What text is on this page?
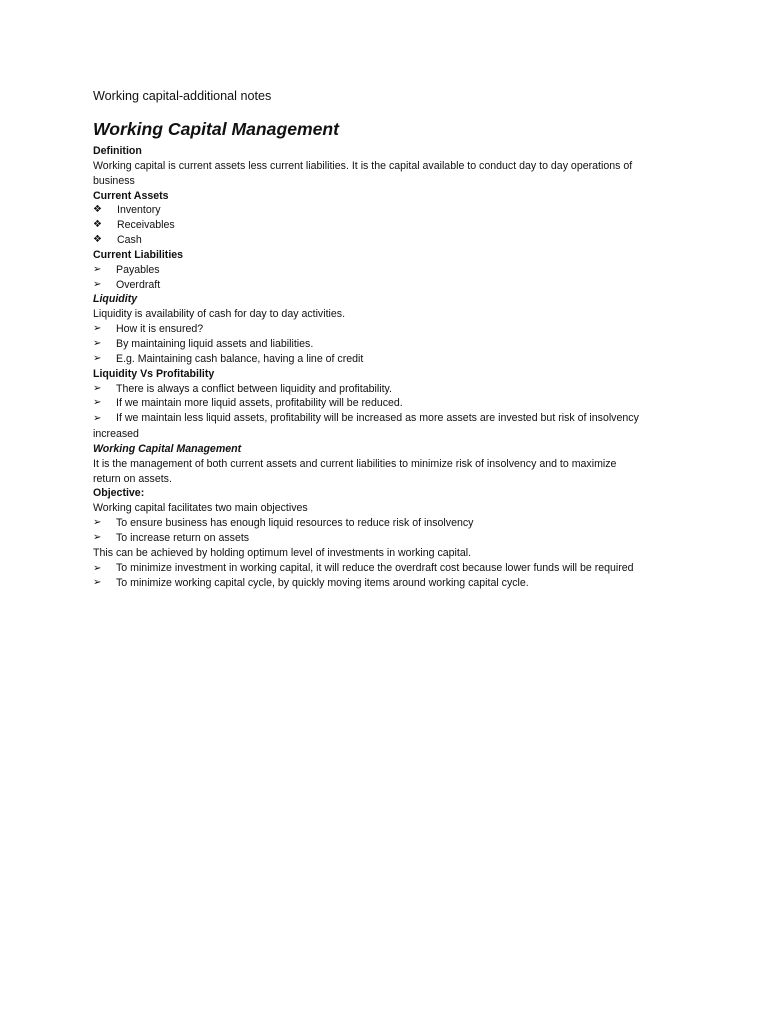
Working capital-additional notes

Working Capital Management

Definition

Working capital is current assets less current liabilities. It is the capital available to conduct day to day operations of

business

Current Assets

❖	Inventory
❖	Receivables
❖	Cash

Current Liabilities

➢	Payables
➢	Overdraft

Liquidity

Liquidity is availability of cash for day to day activities.

➢	How it is ensured?
➢	By maintaining liquid assets and liabilities.
➢	E.g. Maintaining cash balance, having a line of credit

Liquidity Vs Profitability

➢	There is always a conflict between liquidity and profitability.
➢	If we maintain more liquid assets, profitability will be reduced.
➢ If we maintain less liquid assets, profitability will be increased as more assets are invested but risk of insolvency

increased

Working Capital Management

It is the management of both current assets and current liabilities to minimize risk of insolvency and to maximize return on assets.

Objective:

Working capital facilitates two main objectives

➢	To ensure business has enough liquid resources to reduce risk of insolvency
➢	To increase return on assets

This can be achieved by holding optimum level of investments in working capital.

➢ To minimize investment in working capital, it will reduce the overdraft cost because lower funds will be required
➢	To minimize working capital cycle, by quickly moving items around working capital cycle.
